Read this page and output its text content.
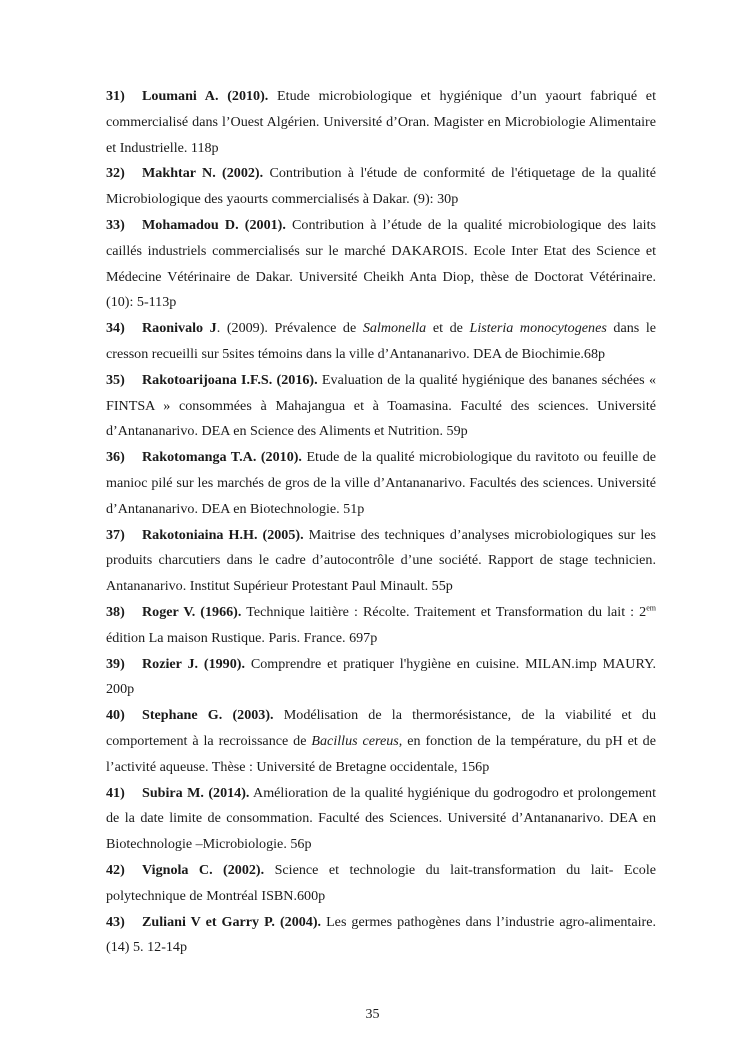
31) Loumani A. (2010). Etude microbiologique et hygiénique d’un yaourt fabriqué et commercialisé dans l’Ouest Algérien. Université d’Oran. Magister en Microbiologie Alimentaire et Industrielle. 118p

32) Makhtar N. (2002). Contribution à l'étude de conformité de l'étiquetage de la qualité Microbiologique des yaourts commercialisés à Dakar. (9): 30p

33) Mohamadou D. (2001). Contribution à l’étude de la qualité microbiologique des laits caillés industriels commercialisés sur le marché DAKAROIS. Ecole Inter Etat des Science et Médecine Vétérinaire de Dakar. Université Cheikh Anta Diop, thèse de Doctorat Vétérinaire. (10): 5-113p

34) Raonivalo J. (2009). Prévalence de Salmonella et de Listeria monocytogenes dans le cresson recueilli sur 5sites témoins dans la ville d’Antananarivo. DEA de Biochimie.68p

35) Rakotoarijoana I.F.S. (2016). Evaluation de la qualité hygiénique des bananes séchées « FINTSA » consommées à Mahajangua et à Toamasina. Faculté des sciences. Université d’Antananarivo. DEA en Science des Aliments et Nutrition. 59p

36) Rakotomanga T.A. (2010). Etude de la qualité microbiologique du ravitoto ou feuille de manioc pilé sur les marchés de gros de la ville d’Antananarivo. Facultés des sciences. Université d’Antananarivo. DEA en Biotechnologie. 51p

37) Rakotoniaina H.H. (2005). Maitrise des techniques d’analyses microbiologiques sur les produits charcutiers dans le cadre d’autocontrôle d’une société. Rapport de stage technicien. Antananarivo. Institut Supérieur Protestant Paul Minault. 55p

38) Roger V. (1966). Technique laitière : Récolte. Traitement et Transformation du lait : $2^{em}$ édition La maison Rustique. Paris. France. 697p

39) Rozier J. (1990). Comprendre et pratiquer l'hygiène en cuisine. MILAN.imp MAURY. 200p

40) Stephane G. (2003). Modélisation de la thermorésistance, de la viabilité et du comportement à la recroissance de Bacillus cereus, en fonction de la température, du pH et de l’activité aqueuse. Thèse : Université de Bretagne occidentale, 156p

41) Subira M. (2014). Amélioration de la qualité hygiénique du godrogodro et prolongement de la date limite de consommation. Faculté des Sciences. Université d’Antananarivo. DEA en Biotechnologie –Microbiologie. 56p

42) Vignola C. (2002). Science et technologie du lait-transformation du lait- Ecole polytechnique de Montréal ISBN.600p

43) Zuliani V et Garry P. (2004). Les germes pathogènes dans l’industrie agro-alimentaire. (14) 5. 12-14p

35
